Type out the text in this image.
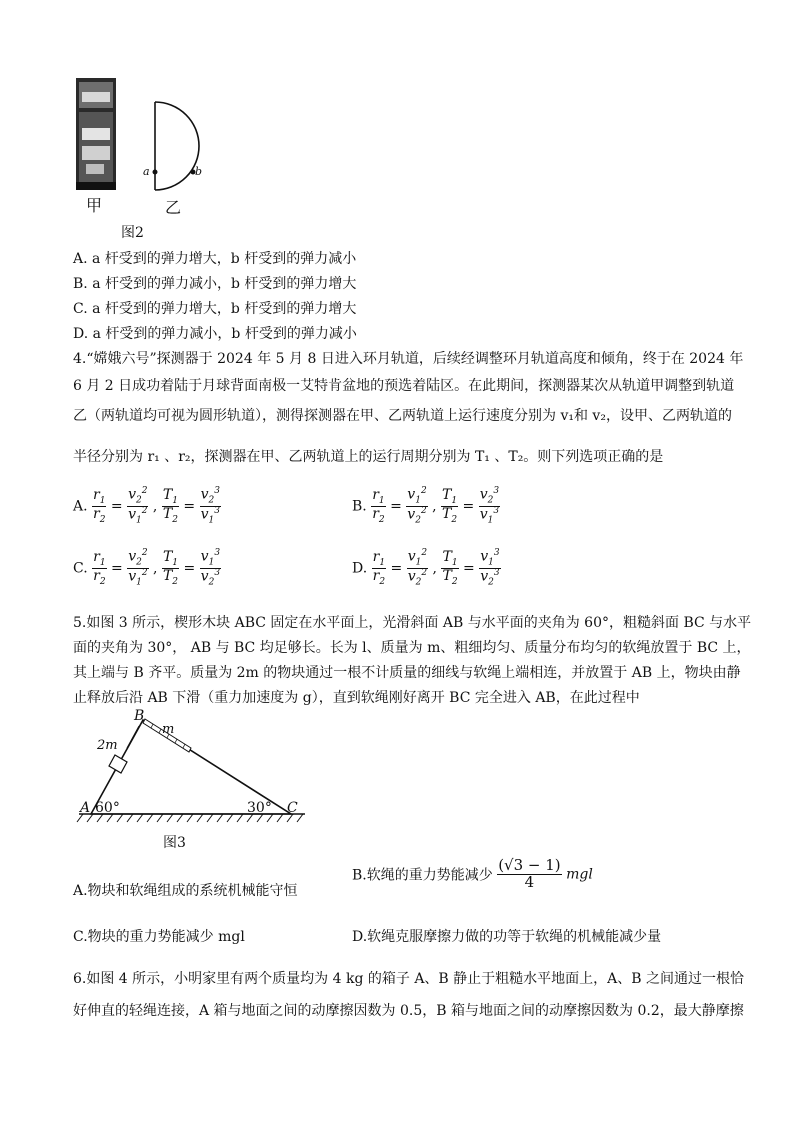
a	b
甲	乙
图2
A. a 杆受到的弹力增大，b 杆受到的弹力减小
B. a 杆受到的弹力减小，b 杆受到的弹力增大
C. a 杆受到的弹力增大，b 杆受到的弹力增大
D. a 杆受到的弹力减小，b 杆受到的弹力减小
4.“嫦娥六号”探测器于 2024 年 5 月 8 日进入环月轨道，后续经调整环月轨道高度和倾角，终于在 2024 年
6 月 2 日成功着陆于月球背面南极一艾特肯盆地的预选着陆区。在此期间，探测器某次从轨道甲调整到轨道
乙（两轨道均可视为圆形轨道），测得探测器在甲、乙两轨道上运行速度分别为 v₁和 v₂，设甲、乙两轨道的
半径分别为 r₁ 、r₂，探测器在甲、乙两轨道上的运行周期分别为 T₁ 、T₂。则下列选项正确的是
A. $\frac{r_1}{r_2} = \frac{v_2^2}{v_1^2}$ , $\frac{T_1}{T_2} = \frac{v_2^3}{v_1^3}$	B. $\frac{r_1}{r_2} = \frac{v_1^2}{v_2^2}$ , $\frac{T_1}{T_2} = \frac{v_2^3}{v_1^3}$
C. $\frac{r_1}{r_2} = \frac{v_2^2}{v_1^2}$ , $\frac{T_1}{T_2} = \frac{v_1^3}{v_2^3}$	D. $\frac{r_1}{r_2} = \frac{v_1^2}{v_2^2}$ , $\frac{T_1}{T_2} = \frac{v_1^3}{v_2^3}$
5.如图 3 所示，楔形木块 ABC 固定在水平面上，光滑斜面 AB 与水平面的夹角为 60°，粗糙斜面 BC 与水平
面的夹角为 30°， AB 与 BC 均足够长。长为 l、质量为 m、粗细均匀、质量分布均匀的软绳放置于 BC 上，
其上端与 B 齐平。质量为 2m 的物块通过一根不计质量的细线与软绳上端相连，并放置于 AB 上，物块由静
止释放后沿 AB 下滑（重力加速度为 g），直到软绳刚好离开 BC 完全进入 AB，在此过程中
B
m
2m
A 60°	30° C
图3
A.物块和软绳组成的系统机械能守恒
B.软绳的重力势能减少 $\frac{(√3 - 1)}{4}$ mgl
C.物块的重力势能减少 mgl	D.软绳克服摩擦力做的功等于软绳的机械能减少量
6.如图 4 所示，小明家里有两个质量均为 4 kg 的箱子 A、B 静止于粗糙水平地面上，A、B 之间通过一根恰
好伸直的轻绳连接，A 箱与地面之间的动摩擦因数为 0.5，B 箱与地面之间的动摩擦因数为 0.2，最大静摩擦
